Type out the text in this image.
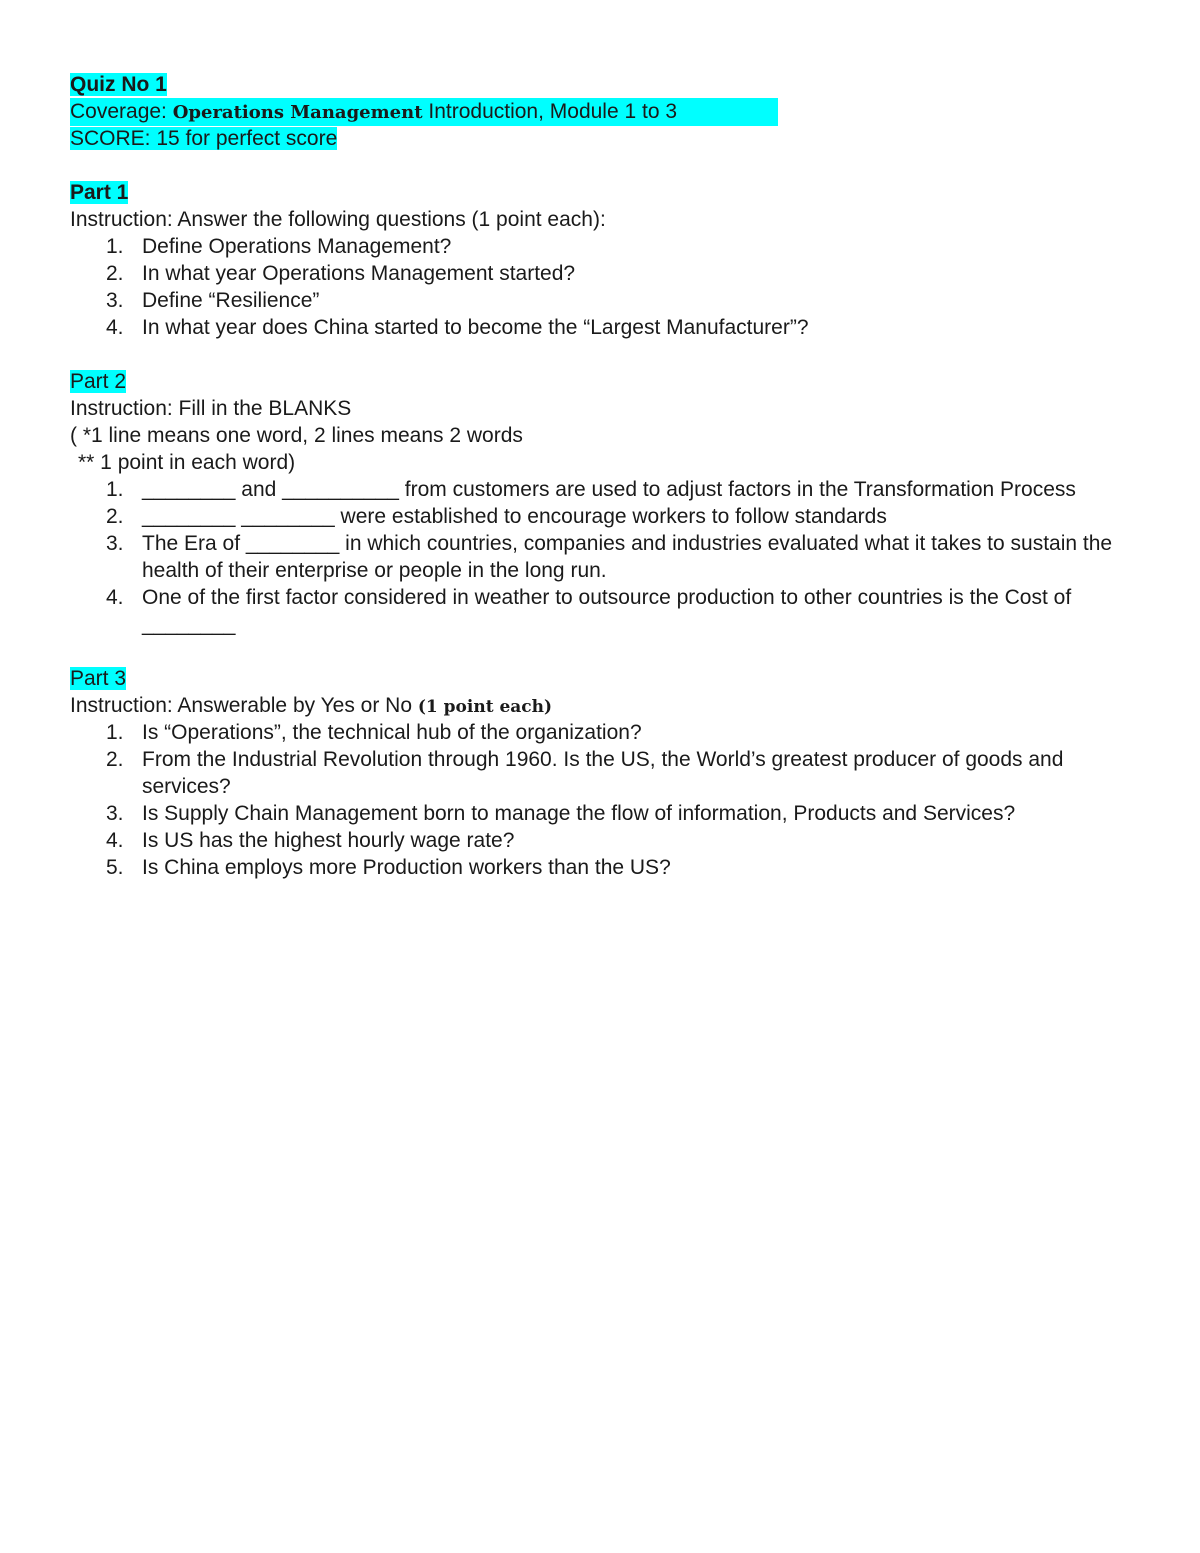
Quiz No 1
Coverage: Operations Management Introduction, Module 1 to 3
SCORE: 15 for perfect score
Part 1
Instruction: Answer the following questions (1 point each):
1. Define Operations Management?
2. In what year Operations Management started?
3. Define “Resilience”
4. In what year does China started to become the “Largest Manufacturer”?
Part 2
Instruction: Fill in the BLANKS
( *1 line means one word, 2 lines means 2 words
** 1 point in each word)
1. ________ and __________ from customers are used to adjust factors in the Transformation Process
2. ________ ________ were established to encourage workers to follow standards
3. The Era of ________ in which countries, companies and industries evaluated what it takes to sustain the health of their enterprise or people in the long run.
4. One of the first factor considered in weather to outsource production to other countries is the Cost of ________
Part 3
Instruction: Answerable by Yes or No (1 point each)
1. Is “Operations”, the technical hub of the organization?
2. From the Industrial Revolution through 1960. Is the US, the World’s greatest producer of goods and services?
3. Is Supply Chain Management born to manage the flow of information, Products and Services?
4. Is US has the highest hourly wage rate?
5. Is China employs more Production workers than the US?
